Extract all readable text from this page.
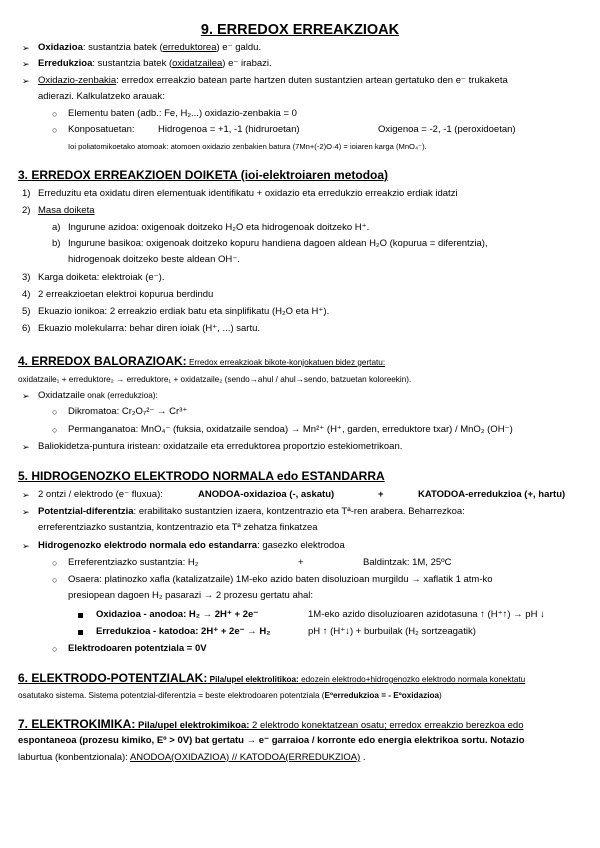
9. ERREDOX ERREAKZIOAK
➢ Oxidazioa: sustantzia batek (erreduktorea) e⁻ galdu.
➢ Erredukzioa: sustantzia batek (oxidatzailea) e⁻ irabazi.
➢ Oxidazio-zenbakia: erredox erreakzio batean parte hartzen duten sustantzien artean gertatuko den e⁻ trukaketa
adierazi. Kalkulatzeko arauak:
○ Elementu baten (adb.: Fe, H₂...) oxidazio-zenbakia = 0
○ Konposatuetan: Hidrogenoa = +1, -1 (hidruroetan)	Oxigenoa = -2, -1 (peroxidoetan)
Ioi poliatomikoetako atomoak: atomoen oxidazio zenbakien batura (7Mn+(-2)O·4) = ioiaren karga (MnO₄⁻).
3. ERREDOX ERREAKZIOEN DOIKETA (ioi-elektroiaren metodoa)
1) Erreduzitu eta oxidatu diren elementuak identifikatu + oxidazio eta erredukzio erreakzio erdiak idatzi
2) Masa doiketa
a) Ingurune azidoa: oxigenoak doitzeko H₂O eta hidrogenoak doitzeko H⁺.
b) Ingurune basikoa: oxigenoak doitzeko kopuru handiena dagoen aldean H₂O (kopurua = diferentzia),
hidrogenoak doitzeko beste aldean OH⁻.
3) Karga doiketa: elektroiak (e⁻).
4) 2 erreakzioetan elektroi kopurua berdindu
5) Ekuazio ionikoa: 2 erreakzio erdiak batu eta sinplifikatu (H₂O eta H⁺).
6) Ekuazio molekularra: behar diren ioiak (H⁺, ...) sartu.
4. ERREDOX BALORAZIOAK: Erredox erreakzioak bikote-konjokatuen bidez gertatu:
oxidatzaile₁ + erreduktore₂ → erreduktore₁ + oxidatzaile₂ (sendo→ahul / ahul→sendo, batzuetan koloreekin).
➢ Oxidatzaile onak (erredukzioa):
○ Dikromatoa: Cr₂O₇²⁻ → Cr³⁺
○ Permanganatoa: MnO₄⁻ (fuksia, oxidatzaile sendoa) → Mn²⁺ (H⁺, garden, erreduktore txar) / MnO₂ (OH⁻)
➢ Baliokidetza-puntura iristean: oxidatzaile eta erreduktorea proportzio estekiometrikoan.
5. HIDROGENOZKO ELEKTRODO NORMALA edo ESTANDARRA
➢ 2 ontzi / elektrodo (e⁻ fluxua):	ANODOA-oxidazioa (-, askatu)	+	KATODOA-erredukzioa (+, hartu)
➢ Potentzial-diferentzia: erabilitako sustantzien izaera, kontzentrazio eta Tª-ren arabera. Beharrezkoa:
erreferentziazko sustantzia, kontzentrazio eta Tª zehatza finkatzea
➢ Hidrogenozko elektrodo normala edo estandarra: gasezko elektrodoa
○ Erreferentziazko sustantzia: H₂	+	Baldintzak: 1M, 25ºC
○ Osaera: platinozko xafla (katalizatzaile) 1M-eko azido baten disoluzioan murgildu → xaflatik 1 atm-ko
presiopean dagoen H₂ pasarazi → 2 prozesu gertatu ahal:
Oxidazioa - anodoa: H₂ → 2H⁺ + 2e⁻	1M-eko azido disoluzioaren azidotasuna ↑ (H⁺↑) → pH ↓
Erredukzioa - katodoa: 2H⁺ + 2e⁻ → H₂	pH ↑ (H⁺↓) + burbuilak (H₂ sortzeagatik)
○ Elektrodoaren potentziala = 0V
6. ELEKTRODO-POTENTZIALAK: Pila/upel elektrolitikoa: edozein elektrodo+hidrogenozko elektrodo normala konektatu
osatutako sistema. Sistema potentzial-diferentzia = beste elektrodoaren potentziala (Eºerredukzioa = - Eºoxidazioa)
7. ELEKTROKIMIKA: Pila/upel elektrokimikoa: 2 elektrodo konektatzean osatu; erredox erreakzio berezkoa edo
espontaneoa (prozesu kimiko, Eº > 0V) bat gertatu → e⁻ garraioa / korronte edo energia elektrikoa sortu. Notazio
laburtua (konbentzionala): ANODOA(OXIDAZIOA) // KATODOA(ERREDUKZIOA) .
